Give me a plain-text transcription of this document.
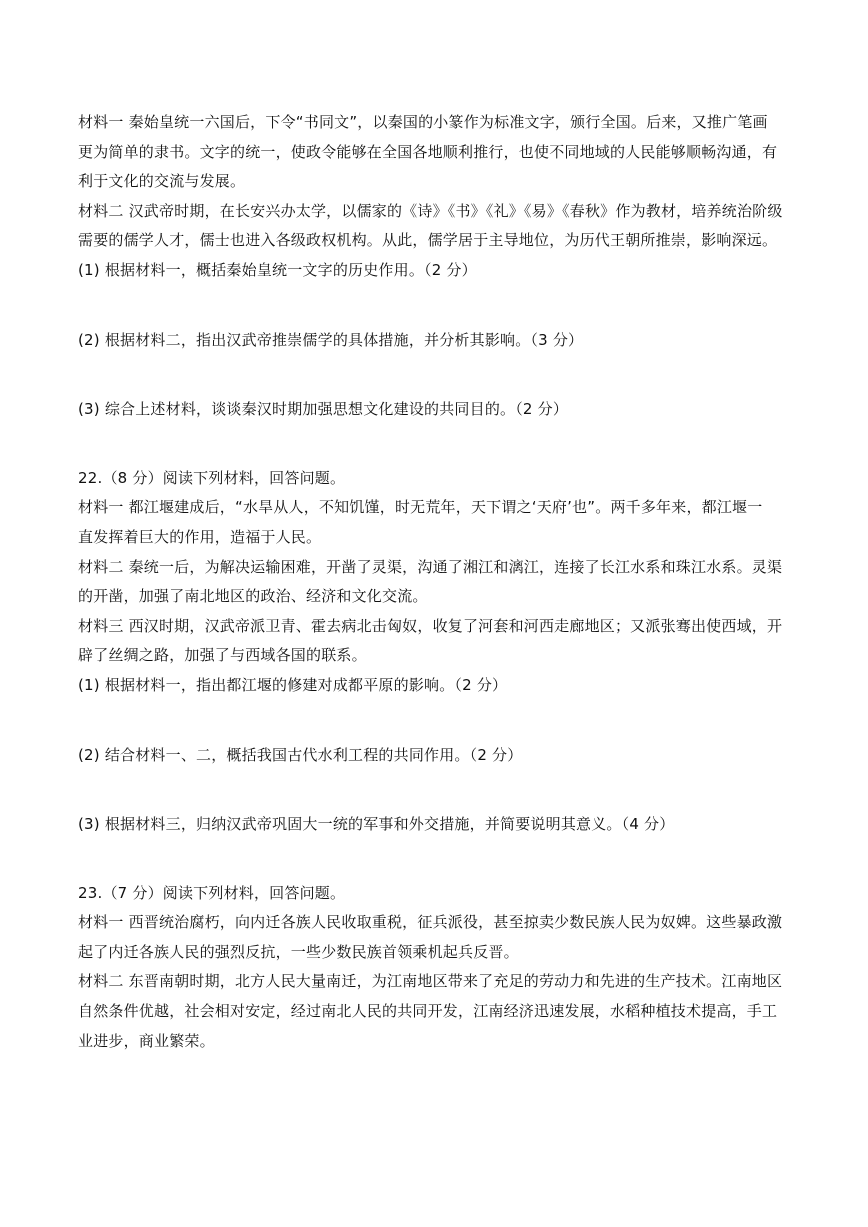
材料一 秦始皇统一六国后，下令“书同文”，以秦国的小篆作为标准文字，颁行全国。后来，又推广笔画
更为简单的隶书。文字的统一，使政令能够在全国各地顺利推行，也使不同地域的人民能够顺畅沟通，有
利于文化的交流与发展。
材料二 汉武帝时期，在长安兴办太学，以儒家的《诗》《书》《礼》《易》《春秋》作为教材，培养统治阶级
需要的儒学人才，儒士也进入各级政权机构。从此，儒学居于主导地位，为历代王朝所推崇，影响深远。
(1) 根据材料一，概括秦始皇统一文字的历史作用。（2 分）
(2) 根据材料二，指出汉武帝推崇儒学的具体措施，并分析其影响。（3 分）
(3) 综合上述材料，谈谈秦汉时期加强思想文化建设的共同目的。（2 分）
22.（8 分）阅读下列材料，回答问题。
材料一 都江堰建成后，“水旱从人，不知饥馑，时无荒年，天下谓之‘天府’也”。两千多年来，都江堰一
直发挥着巨大的作用，造福于人民。
材料二 秦统一后，为解决运输困难，开凿了灵渠，沟通了湘江和漓江，连接了长江水系和珠江水系。灵渠
的开凿，加强了南北地区的政治、经济和文化交流。
材料三 西汉时期，汉武帝派卫青、霍去病北击匈奴，收复了河套和河西走廊地区；又派张骞出使西域，开
辟了丝绸之路，加强了与西域各国的联系。
(1) 根据材料一，指出都江堰的修建对成都平原的影响。（2 分）
(2) 结合材料一、二，概括我国古代水利工程的共同作用。（2 分）
(3) 根据材料三，归纳汉武帝巩固大一统的军事和外交措施，并简要说明其意义。（4 分）
23.（7 分）阅读下列材料，回答问题。
材料一 西晋统治腐朽，向内迁各族人民收取重税，征兵派役，甚至掠卖少数民族人民为奴婢。这些暴政激
起了内迁各族人民的强烈反抗，一些少数民族首领乘机起兵反晋。
材料二 东晋南朝时期，北方人民大量南迁，为江南地区带来了充足的劳动力和先进的生产技术。江南地区
自然条件优越，社会相对安定，经过南北人民的共同开发，江南经济迅速发展，水稻种植技术提高，手工
业进步，商业繁荣。
